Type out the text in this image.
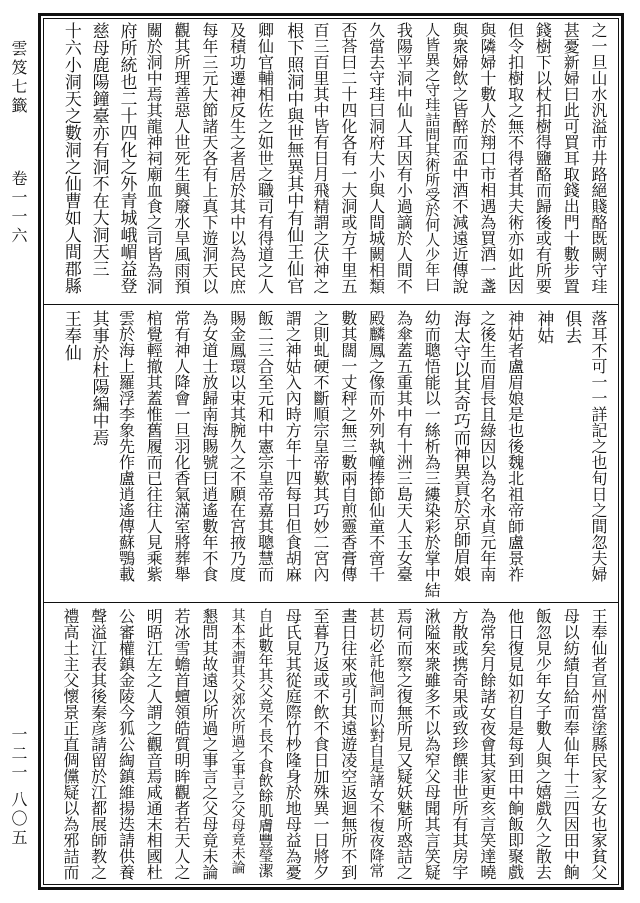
雲笈七籤
卷一一六
一二一 八〇五
之一旦山水汎溢市井路絕賤酪既闕守珪
甚憂新婦曰此可買耳取錢出門十數步置
錢樹下以杖扣樹得鹽酪而歸後或有所要
但令扣樹取之無不得者其夫術亦如此因
與隣婦十數人於翔口市相遇為買酒一盞
與衆婦飲之皆醉而盃中酒不減遠近傳說
人皆異之守珪詰問其術所受於何人少年曰
我陽平洞中仙人耳因有小過謫於人間不
久當去守珪曰洞府大小與人間城闕相類
否荅曰二十四化各有一大洞或方千里五
百三百里其中皆有日月飛精謂之伏神之
根下照洞中與世無異其中有仙王仙官
卿仙官輔相佐之如世之職司有得道之人
及積功遷神反生之者居於其中以為民庶
每年三元大節諸天各有上真下遊洞天以
觀其所理善惡人世死生興廢水旱風雨預
關於洞中焉其龍神祠廟血食之司皆為洞
府所統也二十四化之外青城峨嵋益登
慈母鹿陽鐘臺亦有洞不在大洞天三
十六小洞天之數洞之仙曹如人間郡縣
落耳不可一一詳記之也旬日之間忽夫婦
俱去
神姑
神姑者盧眉娘是也後魏北祖帝師盧景祚
之後生而眉長且綠因以為名永貞元年南
海太守以其奇巧而神異貢於京師眉娘
幼而聰悟能以一絲析為三縷染彩於掌中結
為傘蓋五重其中有十洲三島天人玉女臺
殿麟鳳之像而外列執幢捧節仙童不啻千
數其闊一丈秤之無三數兩自煎靈香膏傳
之則虬硬不斷順宗皇帝歎其巧妙二宮內
謂之神姑入內時方年十四每日但食胡麻
飯二三合至元和中憲宗皇帝嘉其聰慧而
賜金鳳環以束其腕久之不願在宮掖乃度
為女道士放歸南海賜號曰逍遙數年不食
常有神人降會一旦羽化香氣滿室將葬舉
棺覺輕撤其蓋惟舊履而已往往人見乘紫
雲於海上羅浮李象先作盧逍遙傳蘇鶚載
其事於杜陽編中焉
王奉仙
王奉仙者宣州當塗縣民家之女也家貧父
母以紡績自給而奉仙年十三四因田中餉
飯忽見少年女子數人與之嬉戲久之散去
他日復見如初自是每到田中餉飯即聚戲
為常矣月餘諸女夜會其家更亥言笑達曉
方散或携奇果或致珍饌非世所有其房宇
湫隘來衆雖多不以為窄父母聞其言笑疑
焉伺而察之復無所見又疑妖魅所惑詰之
甚切必託他詞而以對自是諸女不復夜降常
晝日往來或引其遠遊凌空返迴無所不到
至暮乃返或不飲不食日加殊異一日將夕
母氏見其從庭際竹杪隆身於地母益為憂
自此數年其父竟不長不食飲餘肌膚豐瑩潔
其本末謂其父郊次所過之事言之父母竟未論
懇問其故遠以所過之事言之父母竟未論
若冰雪蟾首蟺領皓質明眸觀者若天人之
明晤江左之人謂之觀音焉咸通末相國杜
公審權鎮金陵今狐公綯鎮維揚迭請供養
聲溢江表其後秦彦請留於江都展師教之
禮高土主父懷景正直倜儻疑以為邪詰而
